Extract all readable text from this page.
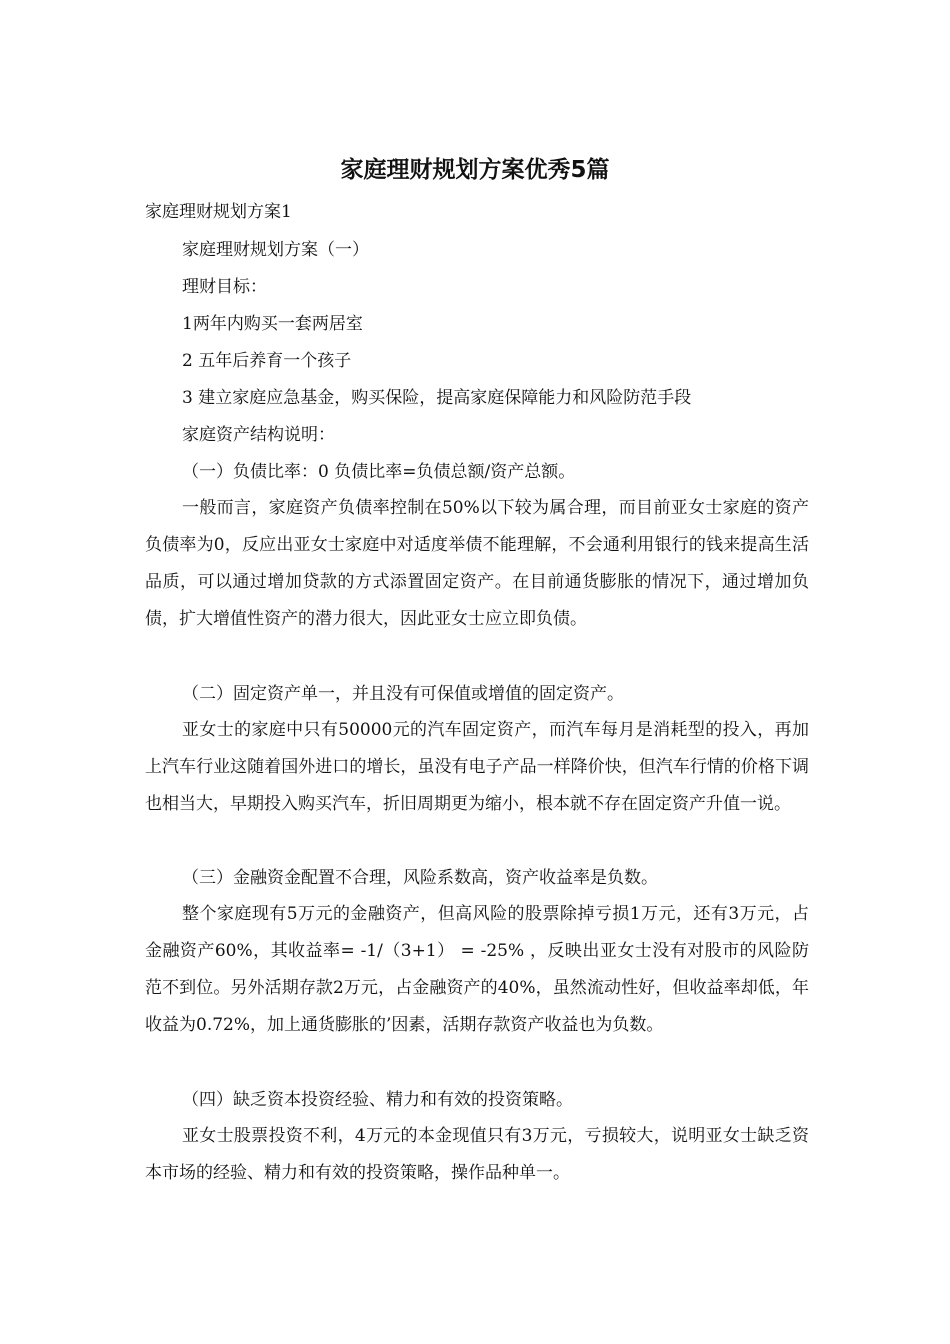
家庭理财规划方案优秀5篇

家庭理财规划方案1

家庭理财规划方案（一）

理财目标：

1两年内购买一套两居室

2 五年后养育一个孩子

3 建立家庭应急基金，购买保险，提高家庭保障能力和风险防范手段

家庭资产结构说明：

（一）负债比率：0 负债比率=负债总额/资产总额。

一般而言，家庭资产负债率控制在50%以下较为属合理，而目前亚女士家庭的资产负债率为0，反应出亚女士家庭中对适度举债不能理解，不会通利用银行的钱来提高生活品质，可以通过增加贷款的方式添置固定资产。在目前通货膨胀的情况下，通过增加负债，扩大增值性资产的潜力很大，因此亚女士应立即负债。

（二）固定资产单一，并且没有可保值或增值的固定资产。

亚女士的家庭中只有50000元的汽车固定资产，而汽车每月是消耗型的投入，再加上汽车行业这随着国外进口的增长，虽没有电子产品一样降价快，但汽车行情的价格下调也相当大，早期投入购买汽车，折旧周期更为缩小，根本就不存在固定资产升值一说。

（三）金融资金配置不合理，风险系数高，资产收益率是负数。

整个家庭现有5万元的金融资产，但高风险的股票除掉亏损1万元，还有3万元，占金融资产60%，其收益率= -1/（3+1） = -25% ，反映出亚女士没有对股市的风险防范不到位。另外活期存款2万元，占金融资产的40%，虽然流动性好，但收益率却低，年收益为0.72%，加上通货膨胀的’因素，活期存款资产收益也为负数。

（四）缺乏资本投资经验、精力和有效的投资策略。

亚女士股票投资不利，4万元的本金现值只有3万元，亏损较大，说明亚女士缺乏资本市场的经验、精力和有效的投资策略，操作品种单一。
